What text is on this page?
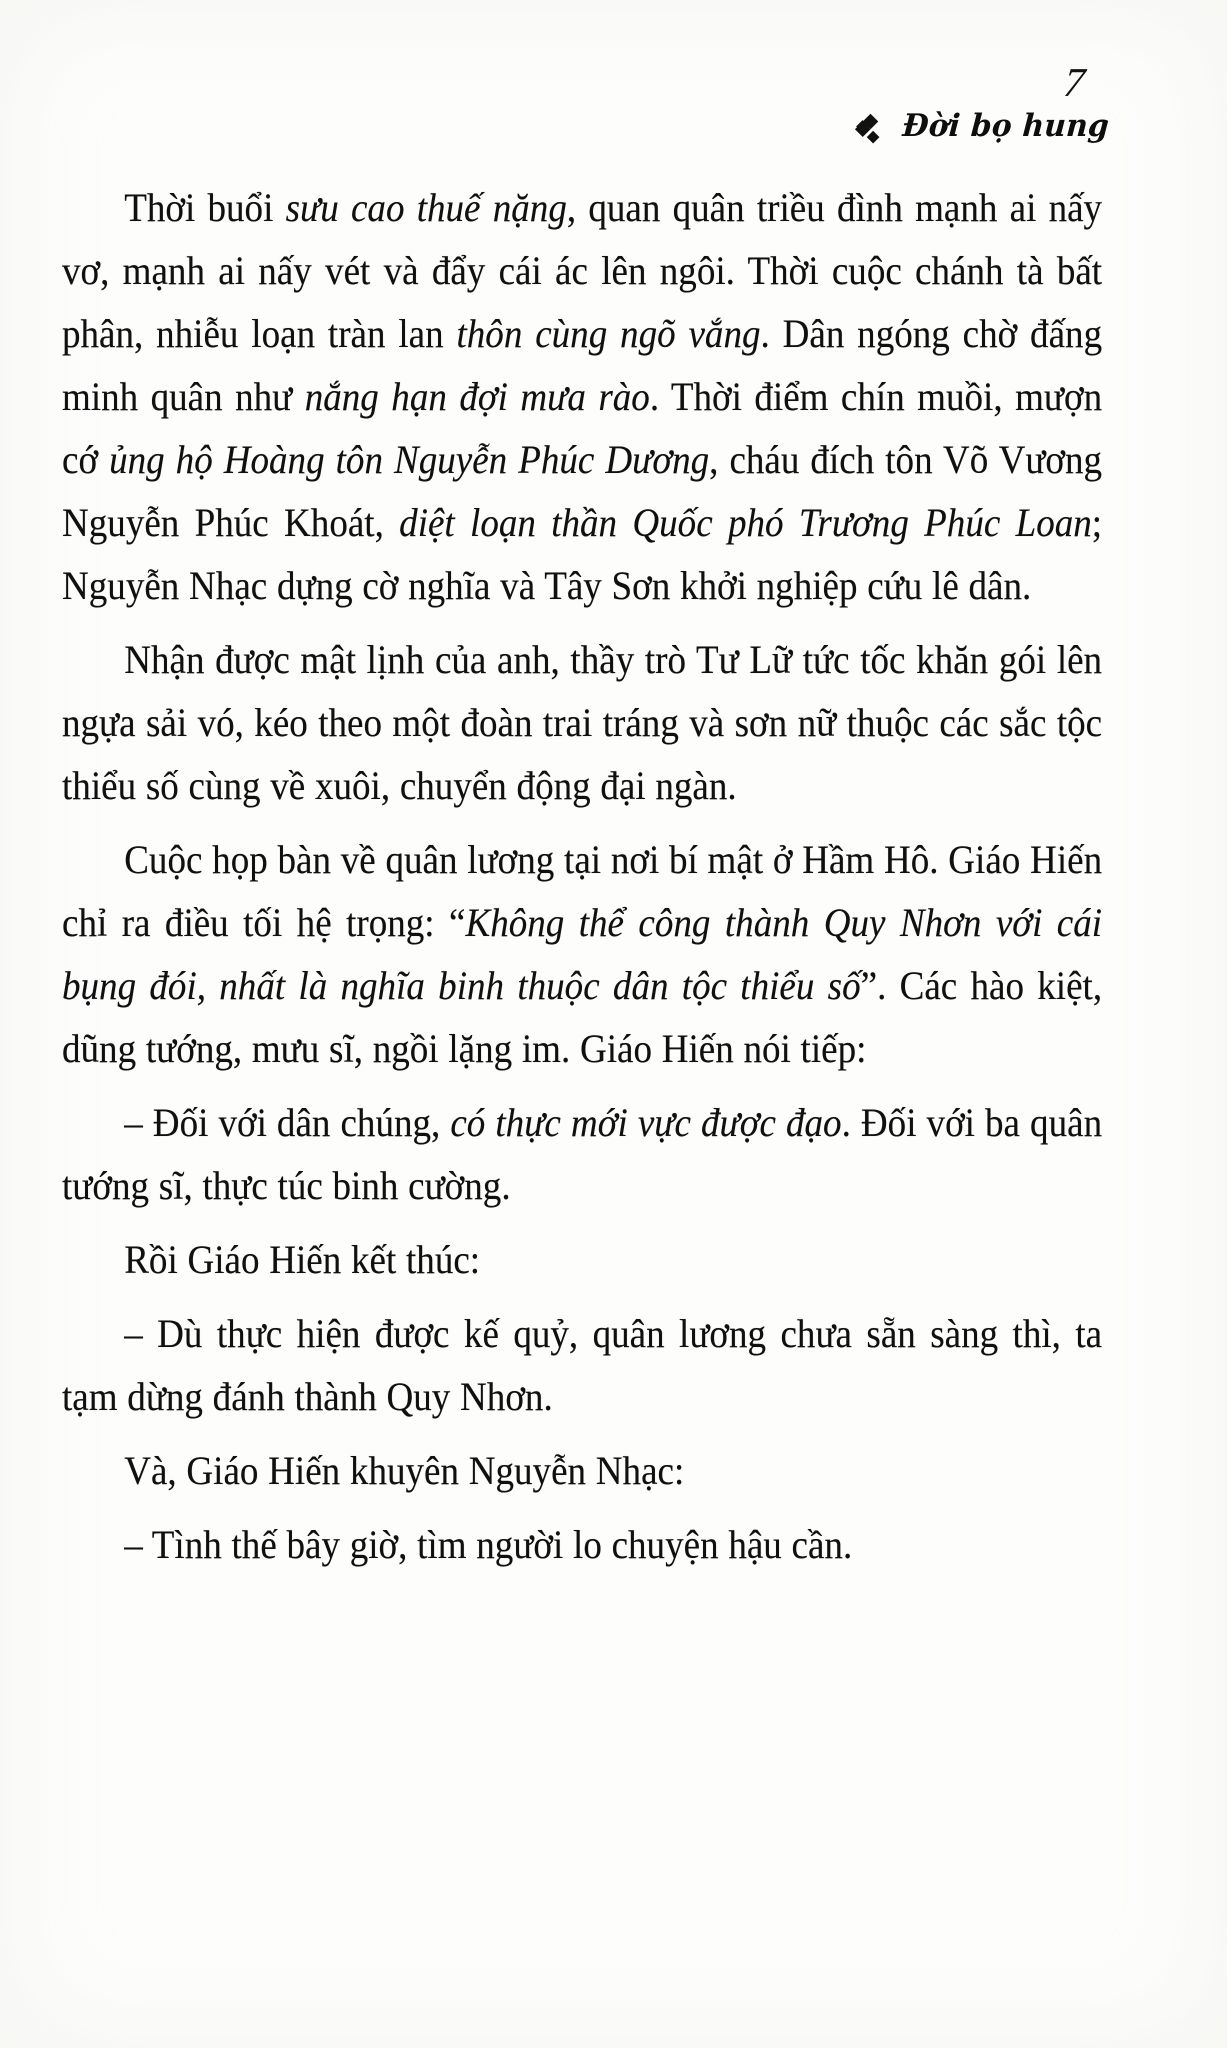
7
Đời bọ hung

Thời buổi sưu cao thuế nặng, quan quân triều đình mạnh ai nấy vơ, mạnh ai nấy vét và đẩy cái ác lên ngôi. Thời cuộc chánh tà bất phân, nhiễu loạn tràn lan thôn cùng ngõ vắng. Dân ngóng chờ đấng minh quân như nắng hạn đợi mưa rào. Thời điểm chín muồi, mượn cớ ủng hộ Hoàng tôn Nguyễn Phúc Dương, cháu đích tôn Võ Vương Nguyễn Phúc Khoát, diệt loạn thần Quốc phó Trương Phúc Loan; Nguyễn Nhạc dựng cờ nghĩa và Tây Sơn khởi nghiệp cứu lê dân.

Nhận được mật lịnh của anh, thầy trò Tư Lữ tức tốc khăn gói lên ngựa sải vó, kéo theo một đoàn trai tráng và sơn nữ thuộc các sắc tộc thiểu số cùng về xuôi, chuyển động đại ngàn.

Cuộc họp bàn về quân lương tại nơi bí mật ở Hầm Hô. Giáo Hiến chỉ ra điều tối hệ trọng: “Không thể công thành Quy Nhơn với cái bụng đói, nhất là nghĩa binh thuộc dân tộc thiểu số”. Các hào kiệt, dũng tướng, mưu sĩ, ngồi lặng im. Giáo Hiến nói tiếp:

– Đối với dân chúng, có thực mới vực được đạo. Đối với ba quân tướng sĩ, thực túc binh cường.

Rồi Giáo Hiến kết thúc:

– Dù thực hiện được kế quỷ, quân lương chưa sẵn sàng thì, ta tạm dừng đánh thành Quy Nhơn.

Và, Giáo Hiến khuyên Nguyễn Nhạc:

– Tình thế bây giờ, tìm người lo chuyện hậu cần.
